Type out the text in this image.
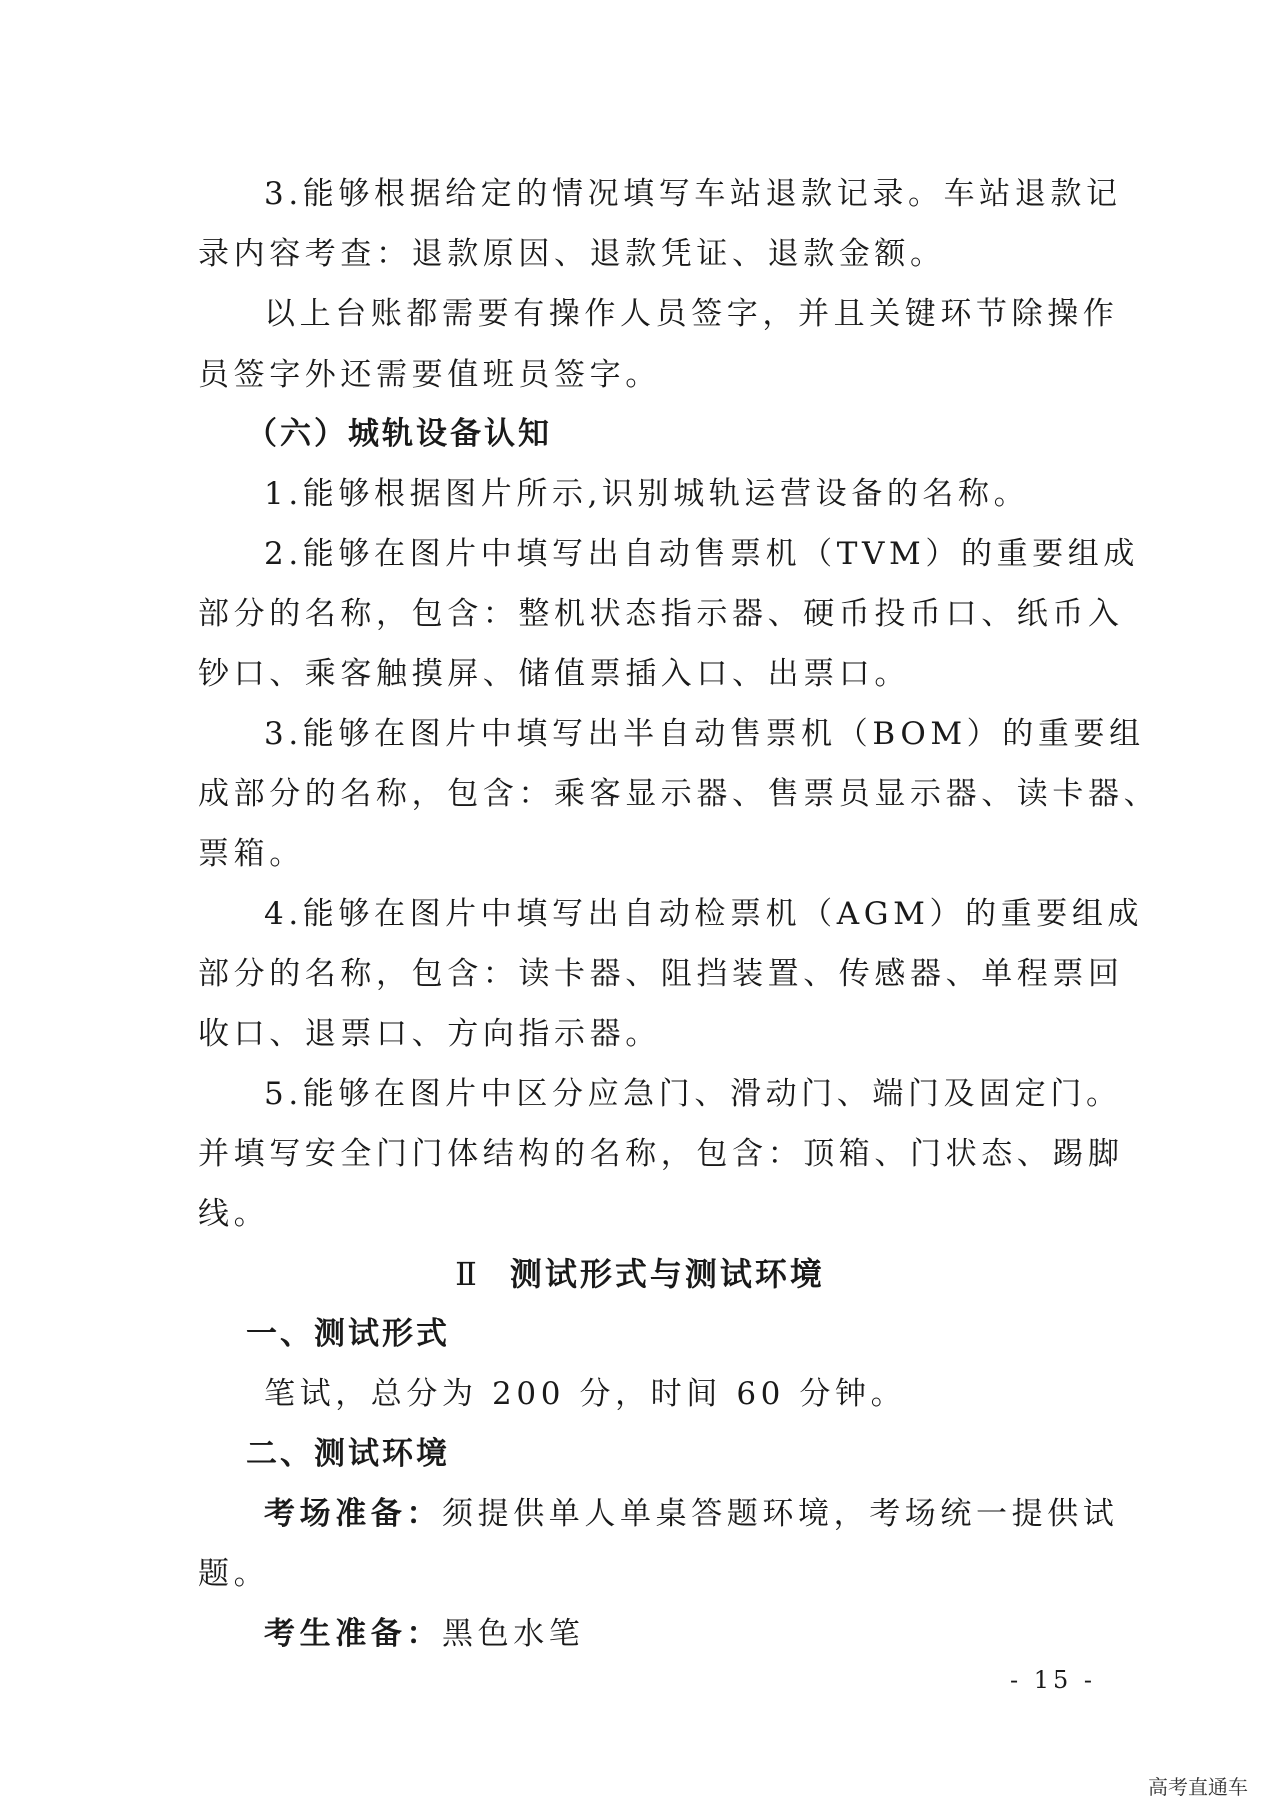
3.能够根据给定的情况填写车站退款记录。车站退款记
录内容考查：退款原因、退款凭证、退款金额。
以上台账都需要有操作人员签字，并且关键环节除操作
员签字外还需要值班员签字。
（六）城轨设备认知
1.能够根据图片所示,识别城轨运营设备的名称。
2.能够在图片中填写出自动售票机（TVM）的重要组成
部分的名称，包含：整机状态指示器、硬币投币口、纸币入
钞口、乘客触摸屏、储值票插入口、出票口。
3.能够在图片中填写出半自动售票机（BOM）的重要组
成部分的名称，包含：乘客显示器、售票员显示器、读卡器、
票箱。
4.能够在图片中填写出自动检票机（AGM）的重要组成
部分的名称，包含：读卡器、阻挡装置、传感器、单程票回
收口、退票口、方向指示器。
5.能够在图片中区分应急门、滑动门、端门及固定门。
并填写安全门门体结构的名称，包含：顶箱、门状态、踢脚
线。
Ⅱ 测试形式与测试环境
一、测试形式
笔试，总分为 200 分，时间 60 分钟。
二、测试环境
考场准备：须提供单人单桌答题环境，考场统一提供试
题。
考生准备：黑色水笔
- 15 -
高考直通车
